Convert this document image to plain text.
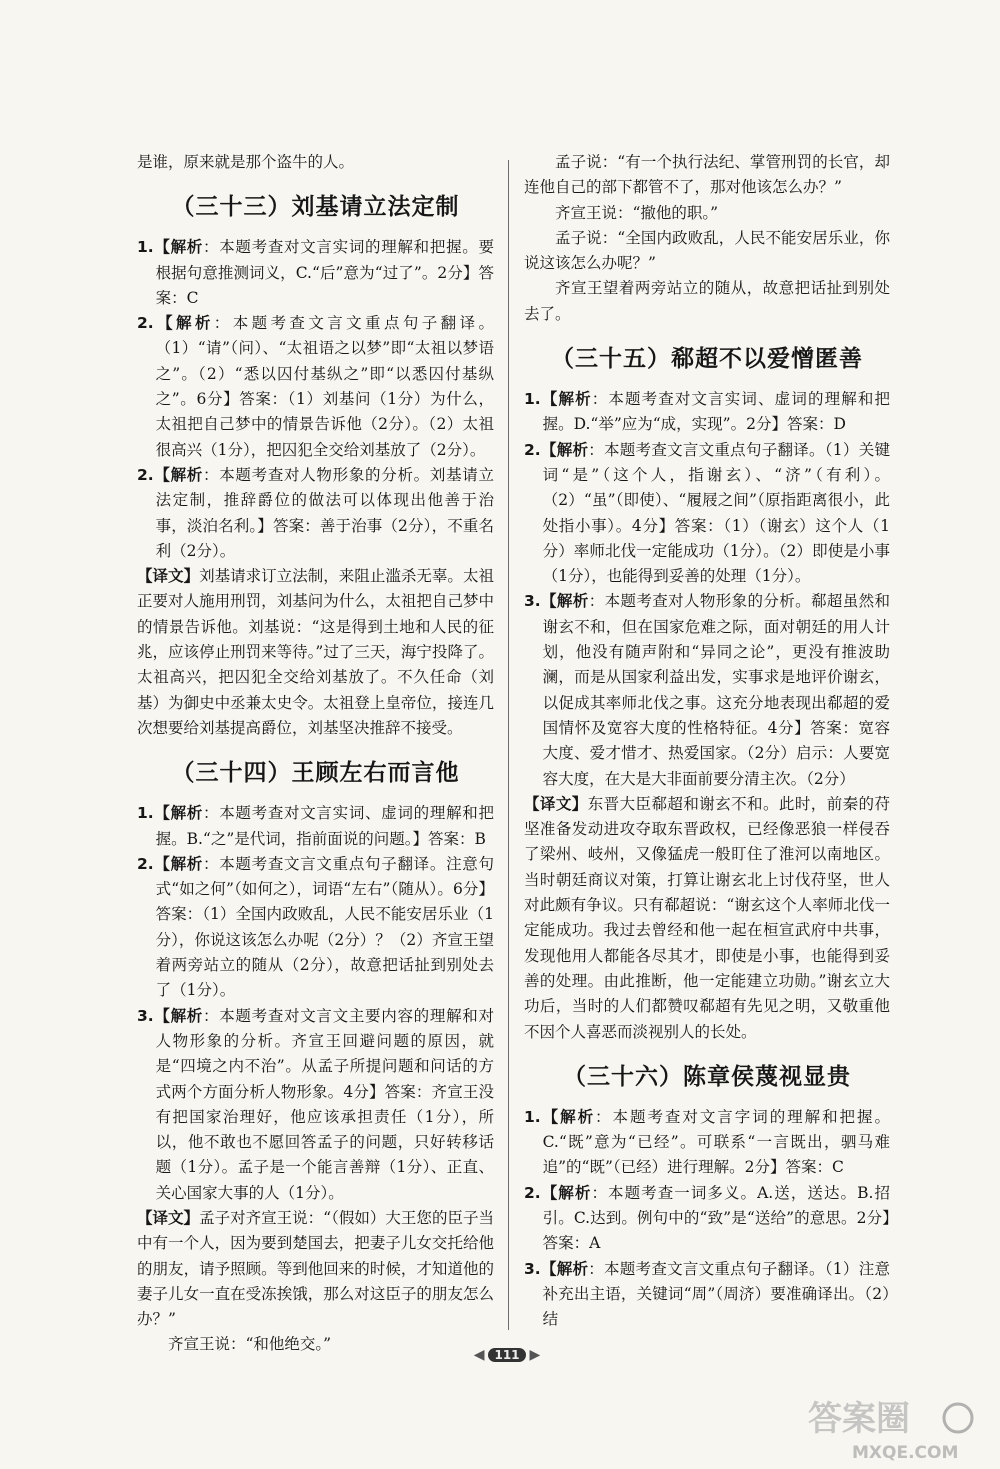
是谁，原来就是那个盗牛的人。

（三十三）刘基请立法定制

1.【解析：本题考查对文言实词的理解和把握。要根据句意推测词义，C.“后”意为“过了”。2分】答案：C

2.【解析：本题考查文言文重点句子翻译。（1）“请”（问）、“太祖语之以梦”即“太祖以梦语之”。（2）“悉以囚付基纵之”即“以悉囚付基纵之”。6分】答案：（1）刘基问（1分）为什么，太祖把自己梦中的情景告诉他（2分）。（2）太祖很高兴（1分），把囚犯全交给刘基放了（2分）。

2.【解析：本题考查对人物形象的分析。刘基请立法定制，推辞爵位的做法可以体现出他善于治事，淡泊名利。】答案：善于治事（2分），不重名利（2分）。

【译文】刘基请求订立法制，来阻止滥杀无辜。太祖正要对人施用刑罚，刘基问为什么，太祖把自己梦中的情景告诉他。刘基说：“这是得到土地和人民的征兆，应该停止刑罚来等待。”过了三天，海宁投降了。太祖高兴，把囚犯全交给刘基放了。不久任命（刘基）为御史中丞兼太史令。太祖登上皇帝位，接连几次想要给刘基提高爵位，刘基坚决推辞不接受。

（三十四）王顾左右而言他

1.【解析：本题考查对文言实词、虚词的理解和把握。B.“之”是代词，指前面说的问题。】答案：B

2.【解析：本题考查文言文重点句子翻译。注意句式“如之何”（如何之），词语“左右”（随从）。6分】答案：（1）全国内政败乱，人民不能安居乐业（1分），你说这该怎么办呢（2分）？（2）齐宣王望着两旁站立的随从（2分），故意把话扯到别处去了（1分）。

3.【解析：本题考查对文言文主要内容的理解和对人物形象的分析。齐宣王回避问题的原因，就是“四境之内不治”。从孟子所提问题和问话的方式两个方面分析人物形象。4分】答案：齐宣王没有把国家治理好，他应该承担责任（1分），所以，他不敢也不愿回答孟子的问题，只好转移话题（1分）。孟子是一个能言善辩（1分）、正直、关心国家大事的人（1分）。

【译文】孟子对齐宣王说：“（假如）大王您的臣子当中有一个人，因为要到楚国去，把妻子儿女交托给他的朋友，请予照顾。等到他回来的时候，才知道他的妻子儿女一直在受冻挨饿，那么对这臣子的朋友怎么办？”

齐宣王说：“和他绝交。”

孟子说：“有一个执行法纪、掌管刑罚的长官，却连他自己的部下都管不了，那对他该怎么办？”

齐宣王说：“撤他的职。”

孟子说：“全国内政败乱，人民不能安居乐业，你说这该怎么办呢？”

齐宣王望着两旁站立的随从，故意把话扯到别处去了。

（三十五）郗超不以爱憎匿善

1.【解析：本题考查对文言实词、虚词的理解和把握。D.“举”应为“成，实现”。2分】答案：D

2.【解析：本题考查文言文重点句子翻译。（1）关键词“是”（这个人，指谢玄）、“济”（有利）。（2）“虽”（即使）、“履屐之间”（原指距离很小，此处指小事）。4分】答案：（1）（谢玄）这个人（1分）率师北伐一定能成功（1分）。（2）即使是小事（1分），也能得到妥善的处理（1分）。

3.【解析：本题考查对人物形象的分析。郗超虽然和谢玄不和，但在国家危难之际，面对朝廷的用人计划，他没有随声附和“异同之论”，更没有推波助澜，而是从国家利益出发，实事求是地评价谢玄，以促成其率师北伐之事。这充分地表现出郗超的爱国情怀及宽容大度的性格特征。4分】答案：宽容大度、爱才惜才、热爱国家。（2分）启示：人要宽容大度，在大是大非面前要分清主次。（2分）

【译文】东晋大臣郗超和谢玄不和。此时，前秦的苻坚准备发动进攻夺取东晋政权，已经像恶狼一样侵吞了梁州、岐州，又像猛虎一般盯住了淮河以南地区。当时朝廷商议对策，打算让谢玄北上讨伐苻坚，世人对此颇有争议。只有郗超说：“谢玄这个人率师北伐一定能成功。我过去曾经和他一起在桓宣武府中共事，发现他用人都能各尽其才，即使是小事，也能得到妥善的处理。由此推断，他一定能建立功勋。”谢玄立大功后，当时的人们都赞叹郗超有先见之明，又敬重他不因个人喜恶而淡视别人的长处。

（三十六）陈章侯蔑视显贵

1.【解析：本题考查对文言字词的理解和把握。C.“既”意为“已经”。可联系“一言既出，驷马难追”的“既”（已经）进行理解。2分】答案：C

2.【解析：本题考查一词多义。A.送，送达。B.招引。C.达到。例句中的“致”是“送给”的意思。2分】答案：A

3.【解析：本题考查文言文重点句子翻译。（1）注意补充出主语，关键词“周”（周济）要准确译出。（2）结

◀ 111 ▶
答案圈
MXQE.COM
